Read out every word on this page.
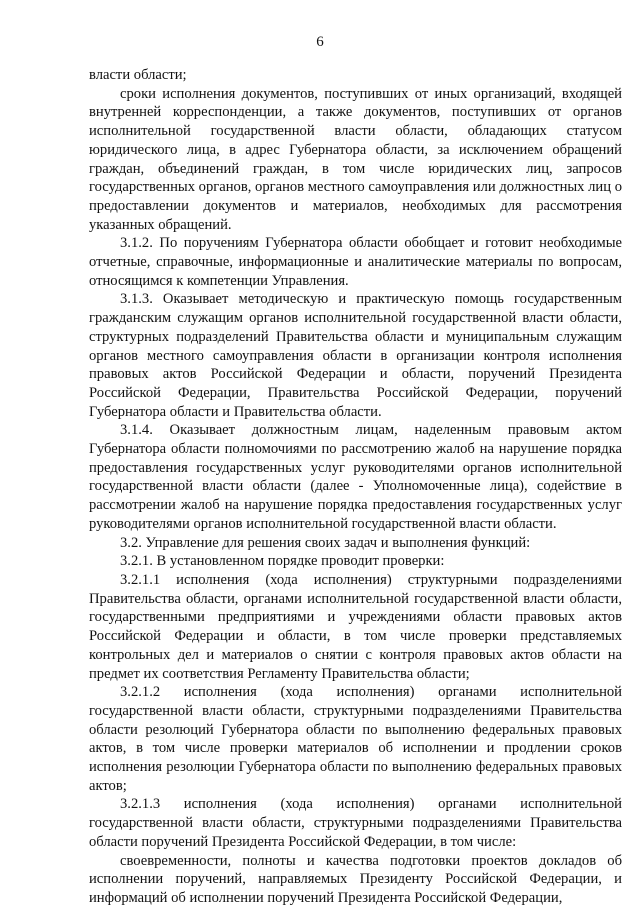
6

власти области;

сроки исполнения документов, поступивших от иных организаций, входящей внутренней корреспонденции, а также документов, поступивших от органов исполнительной государственной власти области, обладающих статусом юридического лица, в адрес Губернатора области, за исключением обращений граждан, объединений граждан, в том числе юридических лиц, запросов государственных органов, органов местного самоуправления или должностных лиц о предоставлении документов и материалов, необходимых для рассмотрения указанных обращений.

3.1.2. По поручениям Губернатора области обобщает и готовит необходимые отчетные, справочные, информационные и аналитические материалы по вопросам, относящимся к компетенции Управления.

3.1.3. Оказывает методическую и практическую помощь государственным гражданским служащим органов исполнительной государственной власти области, структурных подразделений Правительства области и муниципальным служащим органов местного самоуправления области в организации контроля исполнения правовых актов Российской Федерации и области, поручений Президента Российской Федерации, Правительства Российской Федерации, поручений Губернатора области и Правительства области.

3.1.4. Оказывает должностным лицам, наделенным правовым актом Губернатора области полномочиями по рассмотрению жалоб на нарушение порядка предоставления государственных услуг руководителями органов исполнительной государственной власти области (далее - Уполномоченные лица), содействие в рассмотрении жалоб на нарушение порядка предоставления государственных услуг руководителями органов исполнительной государственной власти области.

3.2. Управление для решения своих задач и выполнения функций:

3.2.1. В установленном порядке проводит проверки:

3.2.1.1 исполнения (хода исполнения) структурными подразделениями Правительства области, органами исполнительной государственной власти области, государственными предприятиями и учреждениями области правовых актов Российской Федерации и области, в том числе проверки представляемых контрольных дел и материалов о снятии с контроля правовых актов области на предмет их соответствия Регламенту Правительства области;

3.2.1.2 исполнения (хода исполнения) органами исполнительной государственной власти области, структурными подразделениями Правительства области резолюций Губернатора области по выполнению федеральных правовых актов, в том числе проверки материалов об исполнении и продлении сроков исполнения резолюции Губернатора области по выполнению федеральных правовых актов;

3.2.1.3 исполнения (хода исполнения) органами исполнительной государственной власти области, структурными подразделениями Правительства области поручений Президента Российской Федерации, в том числе:

своевременности, полноты и качества подготовки проектов докладов об исполнении поручений, направляемых Президенту Российской Федерации, и информаций об исполнении поручений Президента Российской Федерации,
